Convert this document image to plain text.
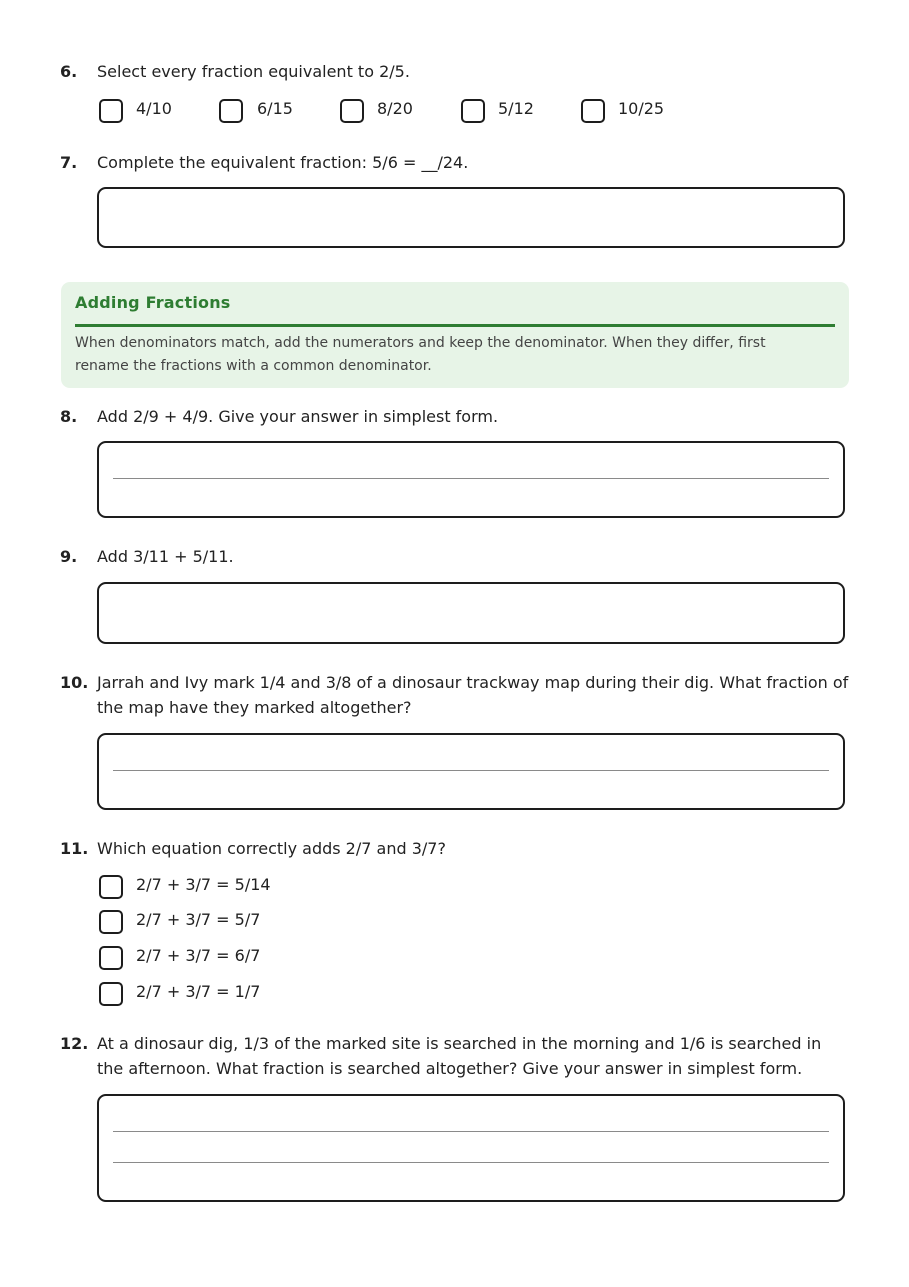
6. Select every fraction equivalent to 2/5.
4/10	6/15	8/20	5/12	10/25
7. Complete the equivalent fraction: 5/6 = __/24.
Adding Fractions
When denominators match, add the numerators and keep the denominator. When they differ, first rename the fractions with a common denominator.
8. Add 2/9 + 4/9. Give your answer in simplest form.
9. Add 3/11 + 5/11.
10. Jarrah and Ivy mark 1/4 and 3/8 of a dinosaur trackway map during their dig. What fraction of the map have they marked altogether?
11. Which equation correctly adds 2/7 and 3/7?
2/7 + 3/7 = 5/14
2/7 + 3/7 = 5/7
2/7 + 3/7 = 6/7
2/7 + 3/7 = 1/7
12. At a dinosaur dig, 1/3 of the marked site is searched in the morning and 1/6 is searched in the afternoon. What fraction is searched altogether? Give your answer in simplest form.
